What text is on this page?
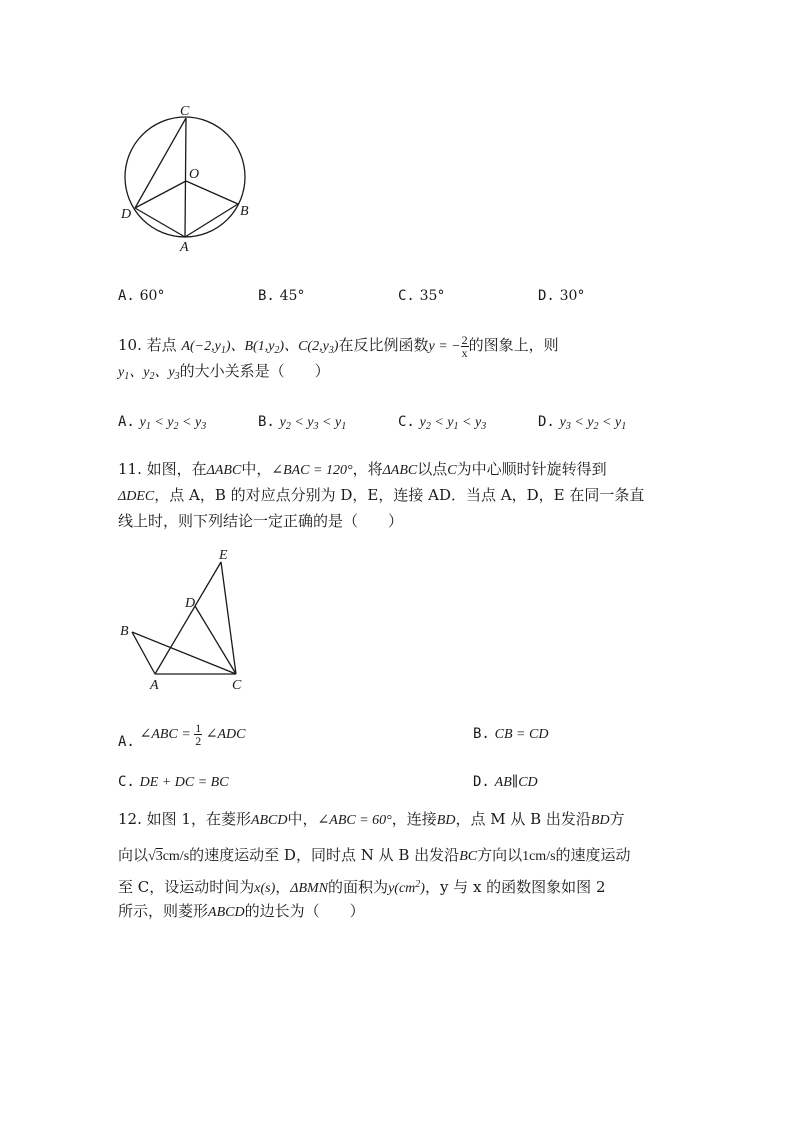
C
O
D	B
A
A. 60°	B. 45°	C. 35°	D. 30°
10. 若点 $A(-2,y_1)$、$B(1,y_2)$、$C(2,y_3)$在反比例函数y = − $\frac{2}{x}$ 的图象上，则
$y_1$、$y_2$、$y_3$的大小关系是（　　）
A. $y_1 < y_2 < y_3$	B. $y_2 < y_3 < y_1$	C. $y_2 < y_1 < y_3$	D. $y_3 < y_2 < y_1$
11. 如图，在ΔABC中，∠BAC = 120°，将ΔABC以点C为中心顺时针旋转得到
ΔDEC，点 A，B 的对应点分别为 D，E，连接 AD．当点 A，D，E 在同一条直
线上时，则下列结论一定正确的是（　　）
E
D
B
A	C
A. ∠ABC = $\frac{1}{2}$ ∠ADC	B. CB = CD
C. DE + DC = BC	D. AB∥CD
12. 如图 1，在菱形ABCD中，∠ABC = 60°，连接BD，点 M 从 B 出发沿BD方
向以√3cm/s的速度运动至 D，同时点 N 从 B 出发沿BC方向以1cm/s的速度运动
至 C，设运动时间为x(s)，ΔBMN的面积为$y(cm^2)$，y 与 x 的函数图象如图 2
所示，则菱形ABCD的边长为（　　）
